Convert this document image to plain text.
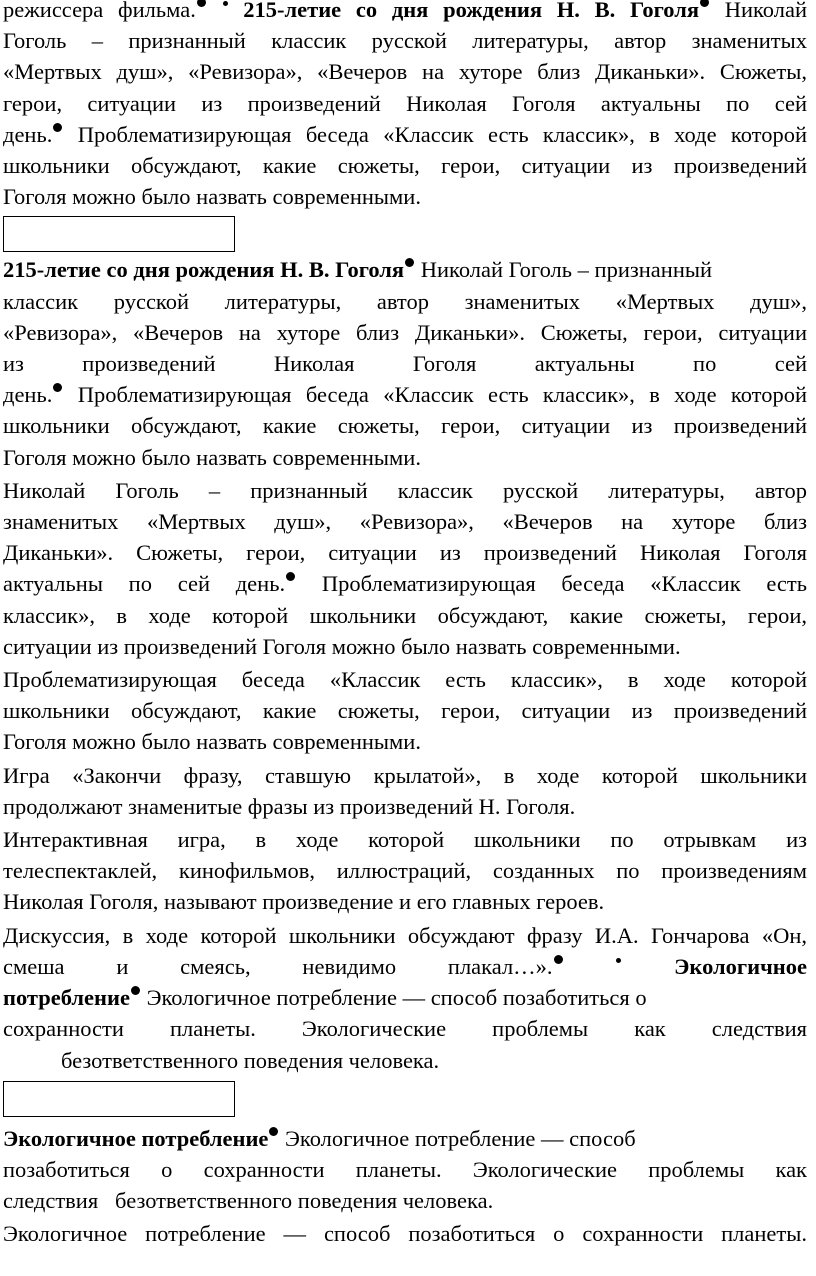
режиссера фильма. 215-летие со дня рождения Н. В. Гоголя Николай
Гоголь – признанный классик русской литературы, автор знаменитых
«Мертвых душ», «Ревизора», «Вечеров на хуторе близ Диканьки». Сюжеты,
герои, ситуации из произведений Николая Гоголя актуальны по сей
день. Проблематизирующая беседа «Классик есть классик», в ходе которой
школьники обсуждают, какие сюжеты, герои, ситуации из произведений
Гоголя можно было назвать современными.

215-летие со дня рождения Н. В. Гоголя Николай Гоголь – признанный
классик русской литературы, автор знаменитых «Мертвых душ»,
«Ревизора», «Вечеров на хуторе близ Диканьки». Сюжеты, герои, ситуации
из произведений Николая Гоголя актуальны по сей
день. Проблематизирующая беседа «Классик есть классик», в ходе которой
школьники обсуждают, какие сюжеты, герои, ситуации из произведений
Гоголя можно было назвать современными.

Николай Гоголь – признанный классик русской литературы, автор
знаменитых «Мертвых душ», «Ревизора», «Вечеров на хуторе близ
Диканьки». Сюжеты, герои, ситуации из произведений Николая Гоголя
актуальны по сей день. Проблематизирующая беседа «Классик есть
классик», в ходе которой школьники обсуждают, какие сюжеты, герои,
ситуации из произведений Гоголя можно было назвать современными.

Проблематизирующая беседа «Классик есть классик», в ходе которой
школьники обсуждают, какие сюжеты, герои, ситуации из произведений
Гоголя можно было назвать современными.

Игра «Закончи фразу, ставшую крылатой», в ходе которой школьники
продолжают знаменитые фразы из произведений Н. Гоголя.

Интерактивная игра, в ходе которой школьники по отрывкам из
телеспектаклей, кинофильмов, иллюстраций, созданных по произведениям
Николая Гоголя, называют произведение и его главных героев.

Дискуссия, в ходе которой школьники обсуждают фразу И.А. Гончарова «Он,
смеша и смеясь, невидимо плакал…».	Экологичное
потребление Экологичное потребление — способ позаботиться о
сохранности планеты. Экологические проблемы как следствия
безответственного поведения человека.

Экологичное потребление Экологичное потребление — способ
позаботиться о сохранности планеты. Экологические проблемы как
следствия   безответственного поведения человека.

Экологичное потребление — способ позаботиться о сохранности планеты.
